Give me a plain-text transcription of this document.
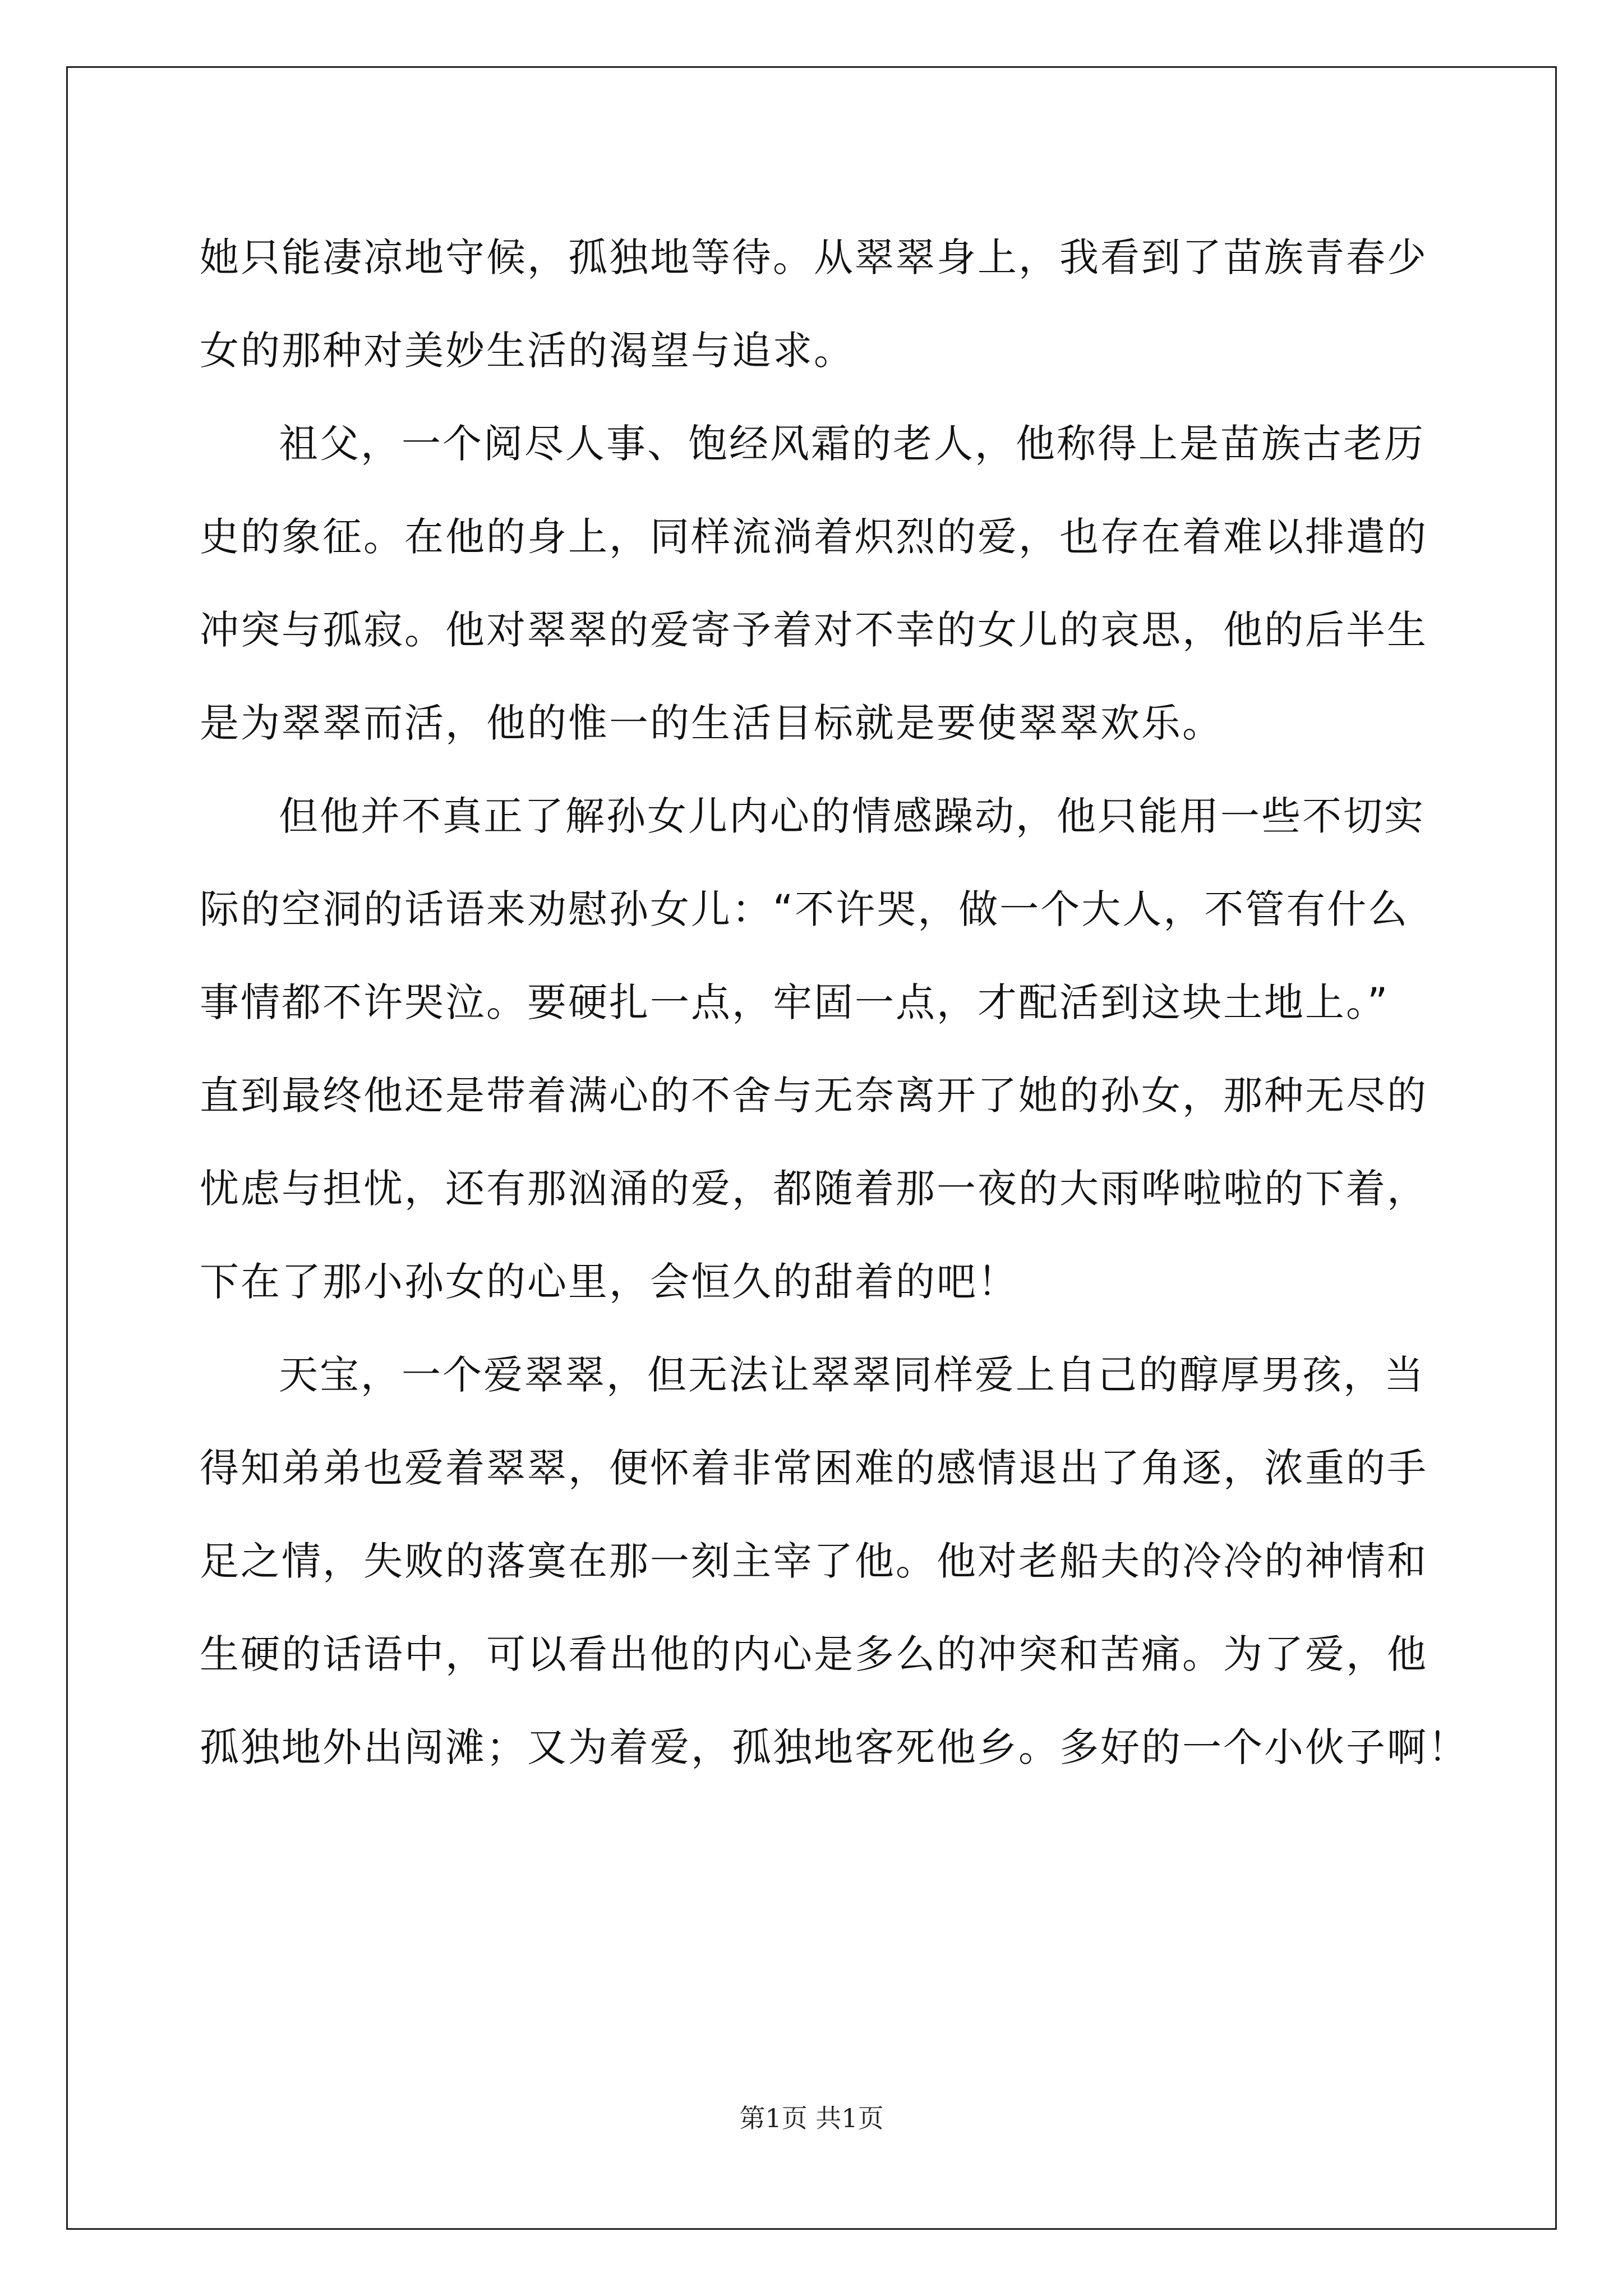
她只能凄凉地守候，孤独地等待。从翠翠身上，我看到了苗族青春少

女的那种对美妙生活的渴望与追求。

祖父，一个阅尽人事、饱经风霜的老人，他称得上是苗族古老历

史的象征。在他的身上，同样流淌着炽烈的爱，也存在着难以排遣的

冲突与孤寂。他对翠翠的爱寄予着对不幸的女儿的哀思，他的后半生

是为翠翠而活，他的惟一的生活目标就是要使翠翠欢乐。

但他并不真正了解孙女儿内心的情感躁动，他只能用一些不切实

际的空洞的话语来劝慰孙女儿：“不许哭，做一个大人，不管有什么

事情都不许哭泣。要硬扎一点，牢固一点，才配活到这块土地上。”

直到最终他还是带着满心的不舍与无奈离开了她的孙女，那种无尽的

忧虑与担忧，还有那汹涌的爱，都随着那一夜的大雨哗啦啦的下着，

下在了那小孙女的心里，会恒久的甜着的吧！

天宝，一个爱翠翠，但无法让翠翠同样爱上自己的醇厚男孩，当

得知弟弟也爱着翠翠，便怀着非常困难的感情退出了角逐，浓重的手

足之情，失败的落寞在那一刻主宰了他。他对老船夫的冷冷的神情和

生硬的话语中，可以看出他的内心是多么的冲突和苦痛。为了爱，他

孤独地外出闯滩；又为着爱，孤独地客死他乡。多好的一个小伙子啊！

第1页 共1页
